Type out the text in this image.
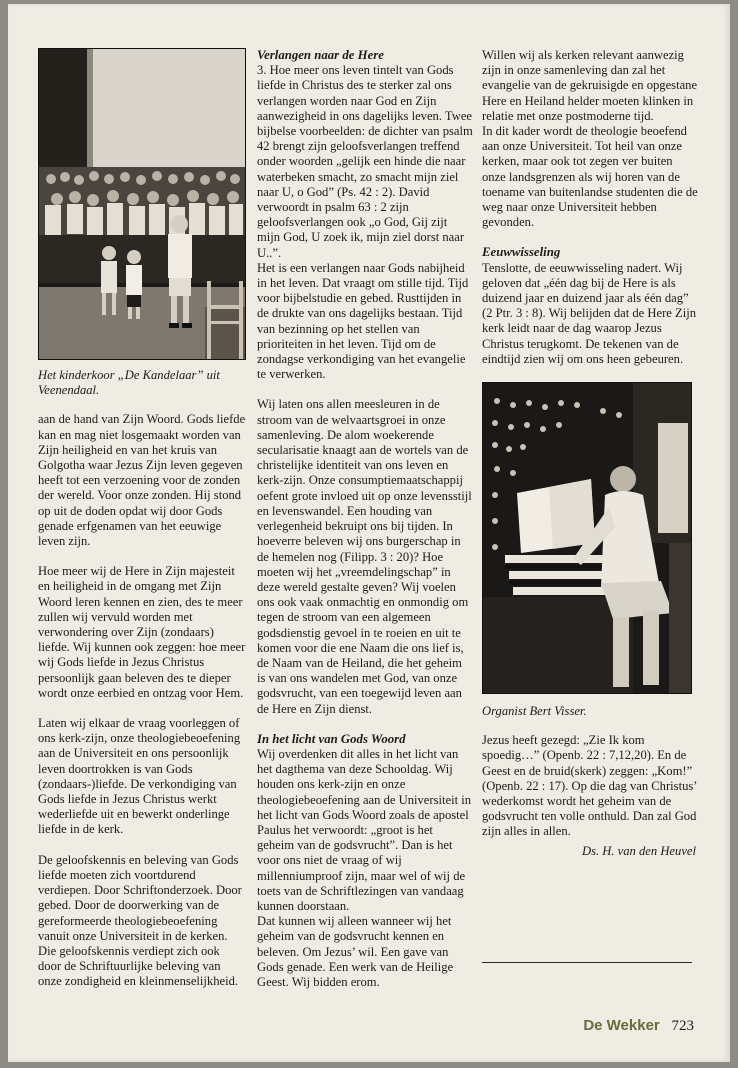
Het kinderkoor „De Kandelaar” uit Veenendaal.

aan de hand van Zijn Woord. Gods liefde kan en mag niet losgemaakt worden van Zijn heiligheid en van het kruis van Golgotha waar Jezus Zijn leven gegeven heeft tot een verzoening voor de zonden der wereld. Voor onze zonden. Hij stond op uit de doden opdat wij door Gods genade erfgenamen van het eeuwige leven zijn.

Hoe meer wij de Here in Zijn majesteit en heiligheid in de omgang met Zijn Woord leren kennen en zien, des te meer zullen wij vervuld worden met verwondering over Zijn (zondaars) liefde. Wij kunnen ook zeggen: hoe meer wij Gods liefde in Jezus Christus persoonlijk gaan beleven des te dieper wordt onze eerbied en ontzag voor Hem.

Laten wij elkaar de vraag voorleggen of ons kerk-zijn, onze theologiebeoefening aan de Universiteit en ons persoonlijk leven doortrokken is van Gods (zondaars-)liefde. De verkondiging van Gods liefde in Jezus Christus werkt wederliefde uit en bewerkt onderlinge liefde in de kerk.

De geloofskennis en beleving van Gods liefde moeten zich voortdurend verdiepen. Door Schriftonderzoek. Door gebed. Door de doorwerking van de gereformeerde theologiebeoefening vanuit onze Universiteit in de kerken. Die geloofskennis verdiept zich ook door de Schriftuurlijke beleving van onze zondigheid en kleinmenselijkheid.

Verlangen naar de Here

3. Hoe meer ons leven tintelt van Gods liefde in Christus des te sterker zal ons verlangen worden naar God en Zijn aanwezigheid in ons dagelijks leven. Twee bijbelse voorbeelden: de dichter van psalm 42 brengt zijn geloofsverlangen treffend onder woorden „gelijk een hinde die naar waterbeken smacht, zo smacht mijn ziel naar U, o God” (Ps. 42 : 2). David verwoordt in psalm 63 : 2 zijn geloofsverlangen ook „o God, Gij zijt mijn God, U zoek ik, mijn ziel dorst naar U..”.

Het is een verlangen naar Gods nabijheid in het leven. Dat vraagt om stille tijd. Tijd voor bijbelstudie en gebed. Rusttijden in de drukte van ons dagelijks bestaan. Tijd van bezinning op het stellen van prioriteiten in het leven. Tijd om de zondagse verkondiging van het evangelie te verwerken.

Wij laten ons allen meesleuren in de stroom van de welvaartsgroei in onze samenleving. De alom woekerende secularisatie knaagt aan de wortels van de christelijke identiteit van ons leven en kerk-zijn. Onze consumptiemaatschappij oefent grote invloed uit op onze levensstijl en levenswandel. Een houding van verlegenheid bekruipt ons bij tijden. In hoeverre beleven wij ons burgerschap in de hemelen nog (Filipp. 3 : 20)? Hoe moeten wij het „vreemdelingschap” in deze wereld gestalte geven? Wij voelen ons ook vaak onmachtig en onmondig om tegen de stroom van een algemeen godsdienstig gevoel in te roeien en uit te komen voor die ene Naam die ons lief is, de Naam van de Heiland, die het geheim is van ons wandelen met God, van onze godsvrucht, van een toegewijd leven aan de Here en Zijn dienst.

In het licht van Gods Woord

Wij overdenken dit alles in het licht van het dagthema van deze Schooldag. Wij houden ons kerk-zijn en onze theologiebeoefening aan de Universiteit in het licht van Gods Woord zoals de apostel Paulus het verwoordt: „groot is het geheim van de godsvrucht”. Dan is het voor ons niet de vraag of wij millenniumproof zijn, maar wel of wij de toets van de Schriftlezingen van vandaag kunnen doorstaan.

Dat kunnen wij alleen wanneer wij het geheim van de godsvrucht kennen en beleven. Om Jezus’ wil. Een gave van Gods genade. Een werk van de Heilige Geest. Wij bidden erom.

Willen wij als kerken relevant aanwezig zijn in onze samenleving dan zal het evangelie van de gekruisigde en opgestane Here en Heiland helder moeten klinken in relatie met onze postmoderne tijd.

In dit kader wordt de theologie beoefend aan onze Universiteit. Tot heil van onze kerken, maar ook tot zegen ver buiten onze landsgrenzen als wij horen van de toename van buitenlandse studenten die de weg naar onze Universiteit hebben gevonden.

Eeuwwisseling

Tenslotte, de eeuwwisseling nadert. Wij geloven dat „één dag bij de Here is als duizend jaar en duizend jaar als één dag” (2 Ptr. 3 : 8). Wij belijden dat de Here Zijn kerk leidt naar de dag waarop Jezus Christus terugkomt. De tekenen van de eindtijd zien wij om ons heen gebeuren.

Organist Bert Visser.

Jezus heeft gezegd: „Zie Ik kom spoedig…” (Openb. 22 : 7,12,20). En de Geest en de bruid(skerk) zeggen: „Kom!” (Openb. 22 : 17). Op die dag van Christus’ wederkomst wordt het geheim van de godsvrucht ten volle onthuld. Dan zal God zijn alles in allen.

Ds. H. van den Heuvel
De Wekker 723
